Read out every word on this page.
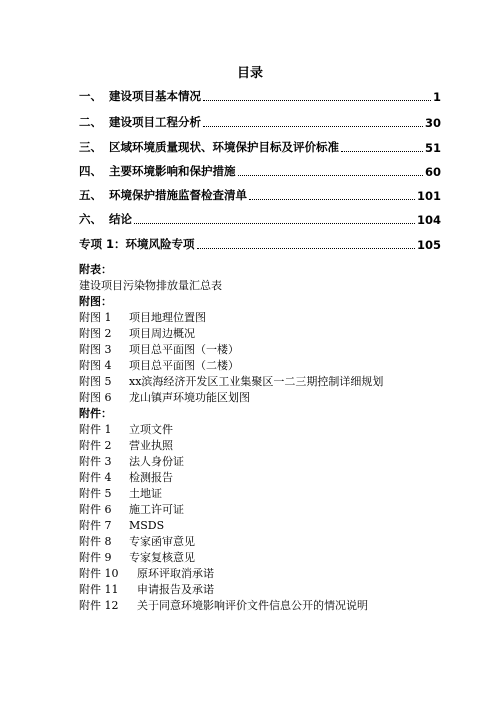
目录
一、 建设项目基本情况	1
二、 建设项目工程分析	30
三、 区域环境质量现状、环境保护目标及评价标准	51
四、 主要环境影响和保护措施	60
五、 环境保护措施监督检查清单	101
六、 结论	104
专项 1：环境风险专项	105
附表：
建设项目污染物排放量汇总表
附图：
附图 1 项目地理位置图
附图 2 项目周边概况
附图 3 项目总平面图（一楼）
附图 4 项目总平面图（二楼）
附图 5 xx滨海经济开发区工业集聚区一二三期控制详细规划
附图 6 龙山镇声环境功能区划图
附件：
附件 1 立项文件
附件 2 营业执照
附件 3 法人身份证
附件 4 检测报告
附件 5 土地证
附件 6 施工许可证
附件 7 MSDS
附件 8 专家函审意见
附件 9 专家复核意见
附件 10 原环评取消承诺
附件 11 申请报告及承诺
附件 12 关于同意环境影响评价文件信息公开的情况说明
